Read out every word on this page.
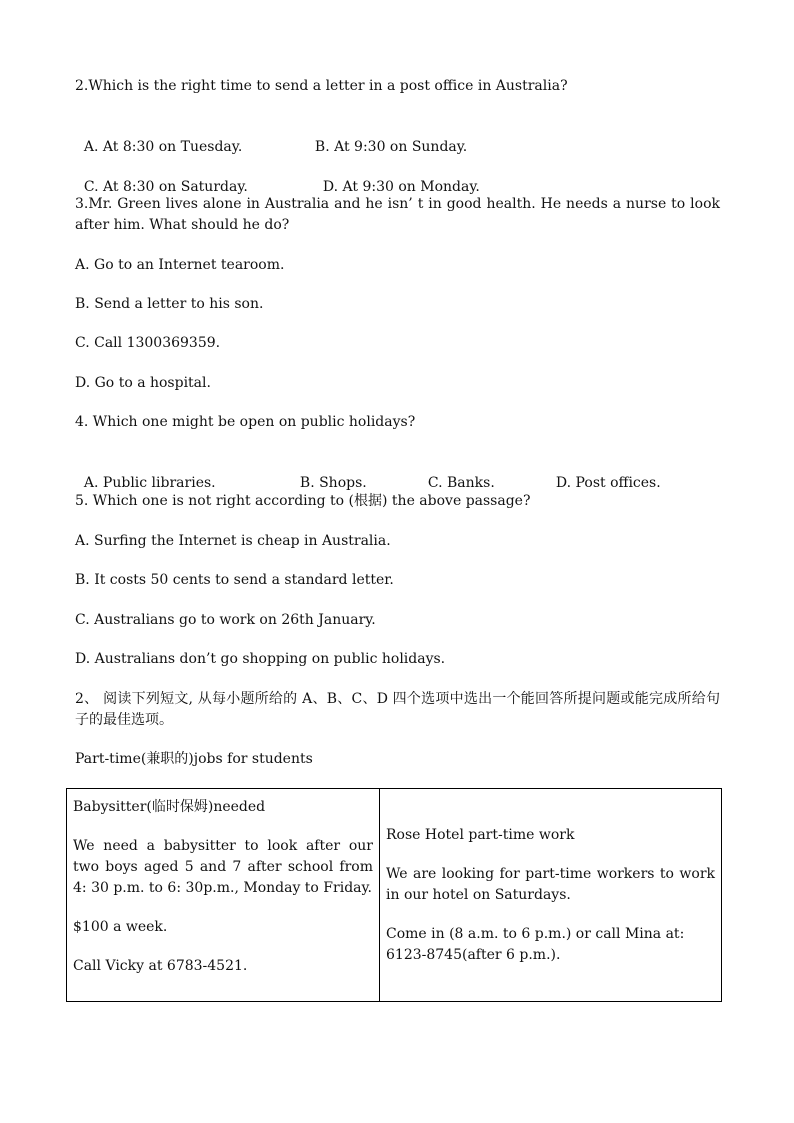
2.Which is the right time to send a letter in a post office in Australia?

A. At 8:30 on Tuesday.	B. At 9:30 on Sunday.

C. At 8:30 on Saturday.	D. At 9:30 on Monday.

3.Mr. Green lives alone in Australia and he isn’ t in good health. He needs a nurse to look after him. What should he do?
A. Go to an Internet tearoom.
B. Send a letter to his son.
C. Call 1300369359.
D. Go to a hospital.
4. Which one might be open on public holidays?

A. Public libraries.	B. Shops.	C. Banks.	D. Post offices.

5. Which one is not right according to (根据) the above passage?
A. Surfing the Internet is cheap in Australia.
B. It costs 50 cents to send a standard letter.
C. Australians go to work on 26th January.
D. Australians don’t go shopping on public holidays.
2、 阅读下列短文, 从每小题所给的 A、B、C、D 四个选项中选出一个能回答所提问题或能完成所给句子的最佳选项。
Part-time(兼职的)jobs for students

Babysitter(临时保姆)needed

We need a babysitter to look after our two boys aged 5 and 7 after school from 4: 30 p.m. to 6: 30p.m., Monday to Friday.

$100 a week.

Call Vicky at 6783-4521.

Rose Hotel part-time work

We are looking for part-time workers to work in our hotel on Saturdays.

Come in (8 a.m. to 6 p.m.) or call Mina at: 6123-8745(after 6 p.m.).
